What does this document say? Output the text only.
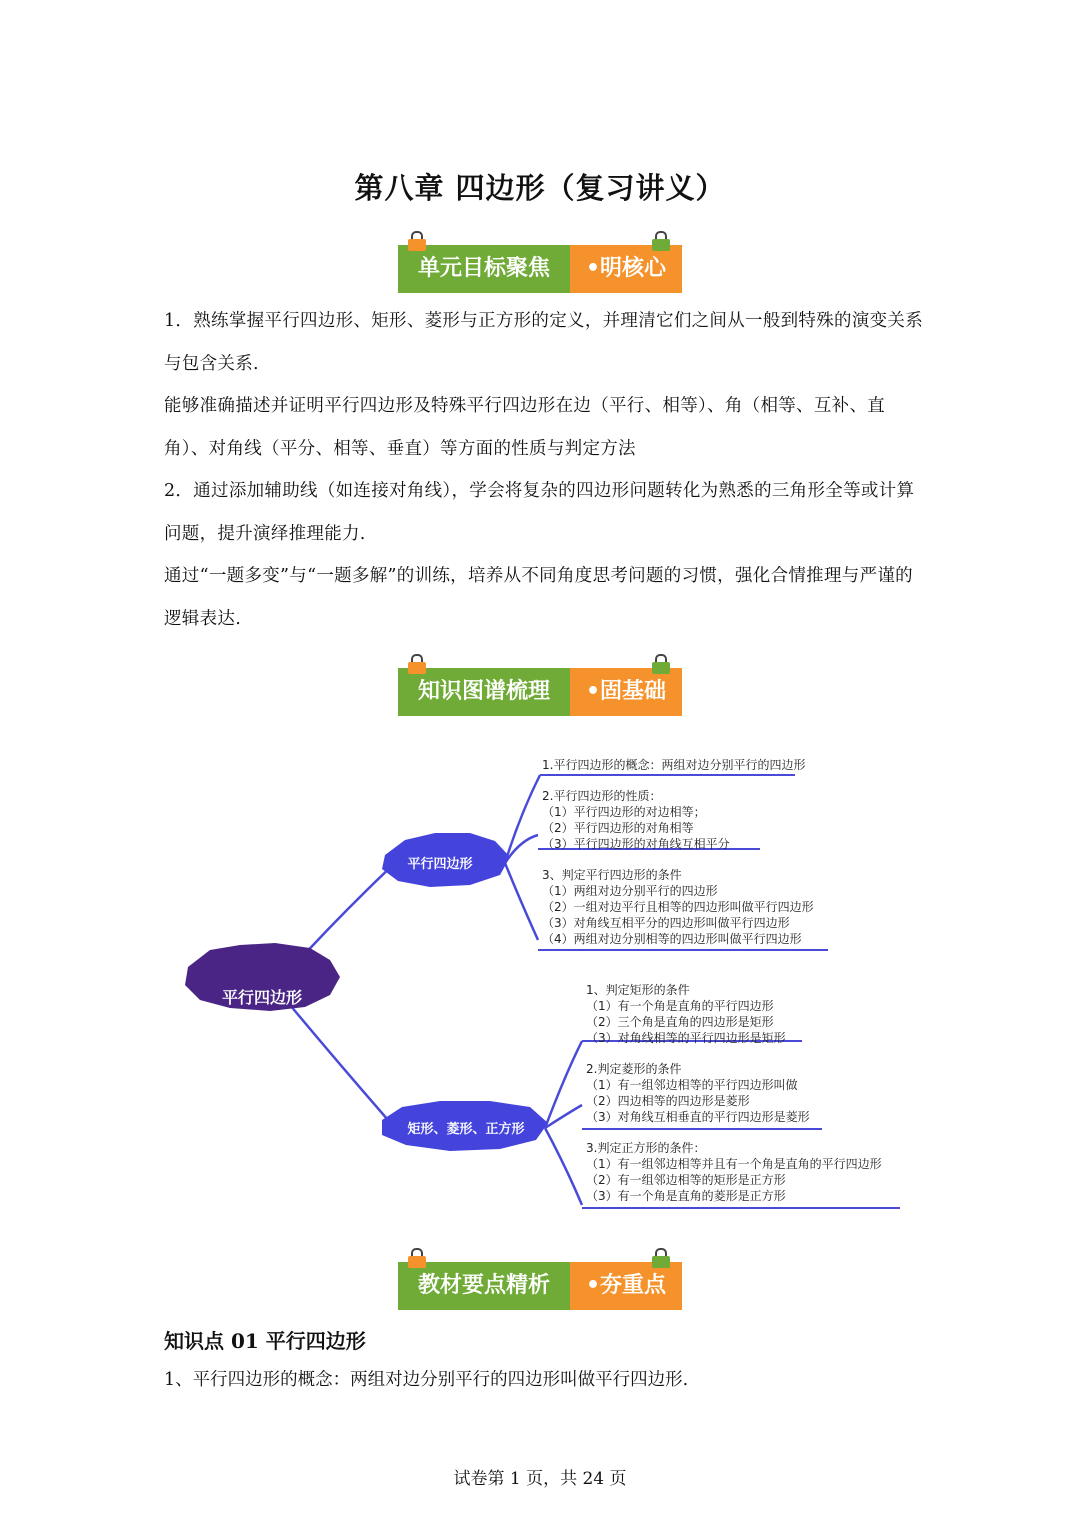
第八章 四边形（复习讲义）
单元目标聚焦	•明核心

1．熟练掌握平行四边形、矩形、菱形与正方形的定义，并理清它们之间从一般到特殊的演变关系与包含关系.

能够准确描述并证明平行四边形及特殊平行四边形在边（平行、相等）、角（相等、互补、直角）、对角线（平分、相等、垂直）等方面的性质与判定方法

2．通过添加辅助线（如连接对角线），学会将复杂的四边形问题转化为熟悉的三角形全等或计算问题，提升演绎推理能力.

通过“一题多变”与“一题多解”的训练，培养从不同角度思考问题的习惯，强化合情推理与严谨的逻辑表达.

知识图谱梳理	•固基础
平行四边形
平行四边形
矩形、菱形、正方形
1.平行四边形的概念：两组对边分别平行的四边形
2.平行四边形的性质：
（1）平行四边形的对边相等；
（2）平行四边形的对角相等
（3）平行四边形的对角线互相平分
3、判定平行四边形的条件
（1）两组对边分别平行的四边形
（2）一组对边平行且相等的四边形叫做平行四边形
（3）对角线互相平分的四边形叫做平行四边形
（4）两组对边分别相等的四边形叫做平行四边形
1、判定矩形的条件
（1）有一个角是直角的平行四边形
（2）三个角是直角的四边形是矩形
（3）对角线相等的平行四边形是矩形
2.判定菱形的条件
（1）有一组邻边相等的平行四边形叫做
（2）四边相等的四边形是菱形
（3）对角线互相垂直的平行四边形是菱形
3.判定正方形的条件：
（1）有一组邻边相等并且有一个角是直角的平行四边形
（2）有一组邻边相等的矩形是正方形
（3）有一个角是直角的菱形是正方形
教材要点精析	•夯重点
知识点 01 平行四边形
1、平行四边形的概念：两组对边分别平行的四边形叫做平行四边形.
试卷第 1 页，共 24 页
